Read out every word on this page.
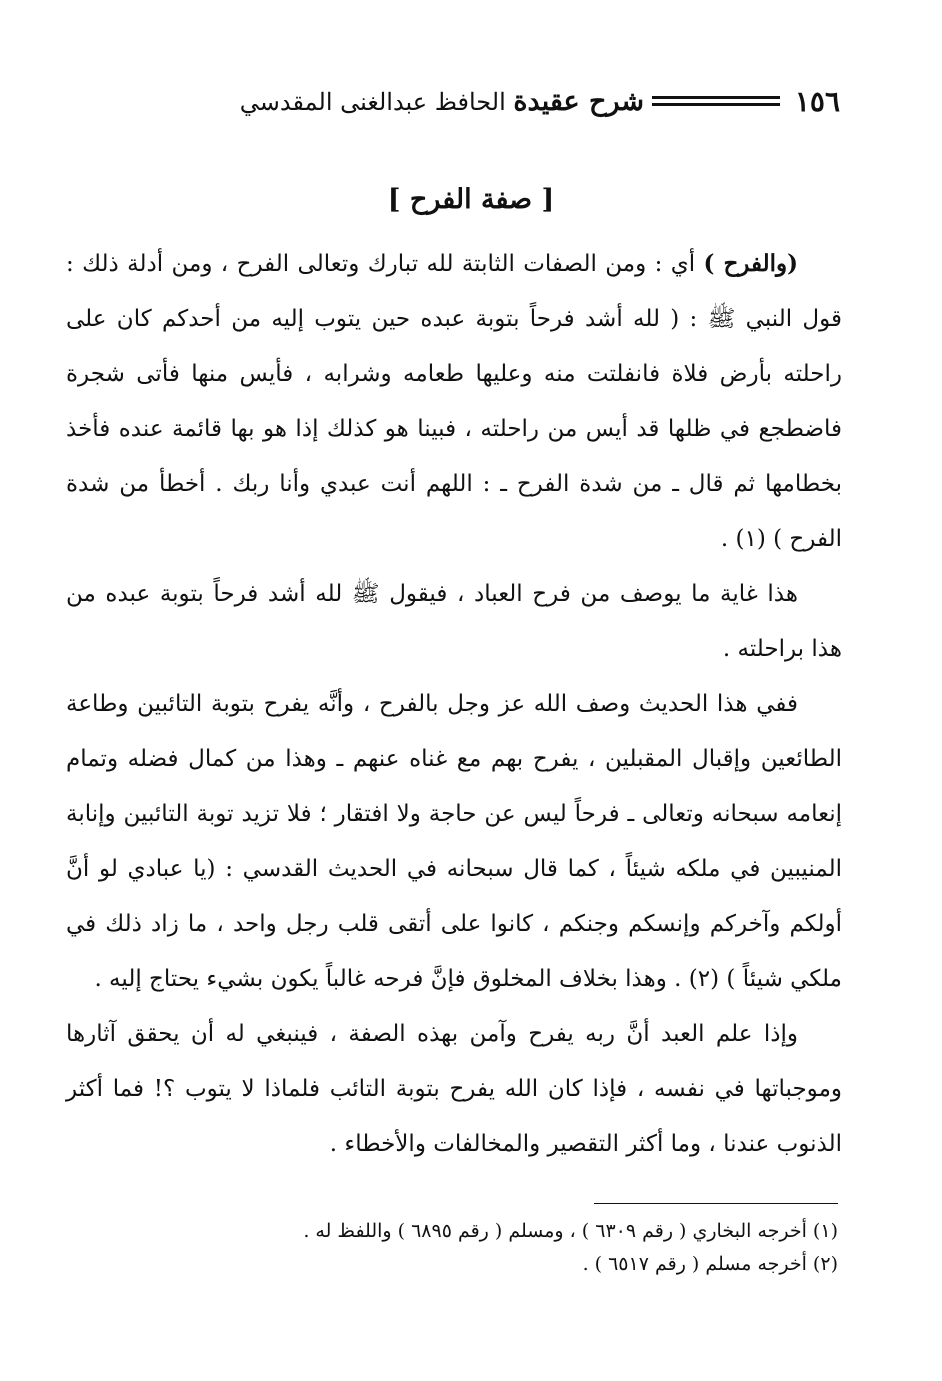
١٥٦
شرح عقيدة الحافظ عبدالغنى المقدسي
[ صفة الفرح ]

(والفرح ) أي : ومن الصفات الثابتة لله تبارك وتعالى الفرح ، ومن أدلة ذلك : قول النبي ﷺ : ( لله أشد فرحاً بتوبة عبده حين يتوب إليه من أحدكم كان على راحلته بأرض فلاة فانفلتت منه وعليها طعامه وشرابه ، فأيس منها فأتى شجرة فاضطجع في ظلها قد أيس من راحلته ، فبينا هو كذلك إذا هو بها قائمة عنده فأخذ بخطامها ثم قال ـ من شدة الفرح ـ : اللهم أنت عبدي وأنا ربك . أخطأ من شدة الفرح ) (١) .

هذا غاية ما يوصف من فرح العباد ، فيقول ﷺ لله أشد فرحاً بتوبة عبده من هذا براحلته .

ففي هذا الحديث وصف الله عز وجل بالفرح ، وأنَّه يفرح بتوبة التائبين وطاعة الطائعين وإقبال المقبلين ، يفرح بهم مع غناه عنهم ـ وهذا من كمال فضله وتمام إنعامه سبحانه وتعالى ـ فرحاً ليس عن حاجة ولا افتقار ؛ فلا تزيد توبة التائبين وإنابة المنيبين في ملكه شيئاً ، كما قال سبحانه في الحديث القدسي : (يا عبادي لو أنَّ أولكم وآخركم وإنسكم وجنكم ، كانوا على أتقى قلب رجل واحد ، ما زاد ذلك في ملكي شيئاً ) (٢) . وهذا بخلاف المخلوق فإنَّ فرحه غالباً يكون بشيء يحتاج إليه .

وإذا علم العبد أنَّ ربه يفرح وآمن بهذه الصفة ، فينبغي له أن يحقق آثارها وموجباتها في نفسه ، فإذا كان الله يفرح بتوبة التائب فلماذا لا يتوب ؟! فما أكثر الذنوب عندنا ، وما أكثر التقصير والمخالفات والأخطاء .

(١) أخرجه البخاري ( رقم ٦٣٠٩ ) ، ومسلم ( رقم ٦٨٩٥ ) واللفظ له .

(٢) أخرجه مسلم ( رقم ٦٥١٧ ) .
